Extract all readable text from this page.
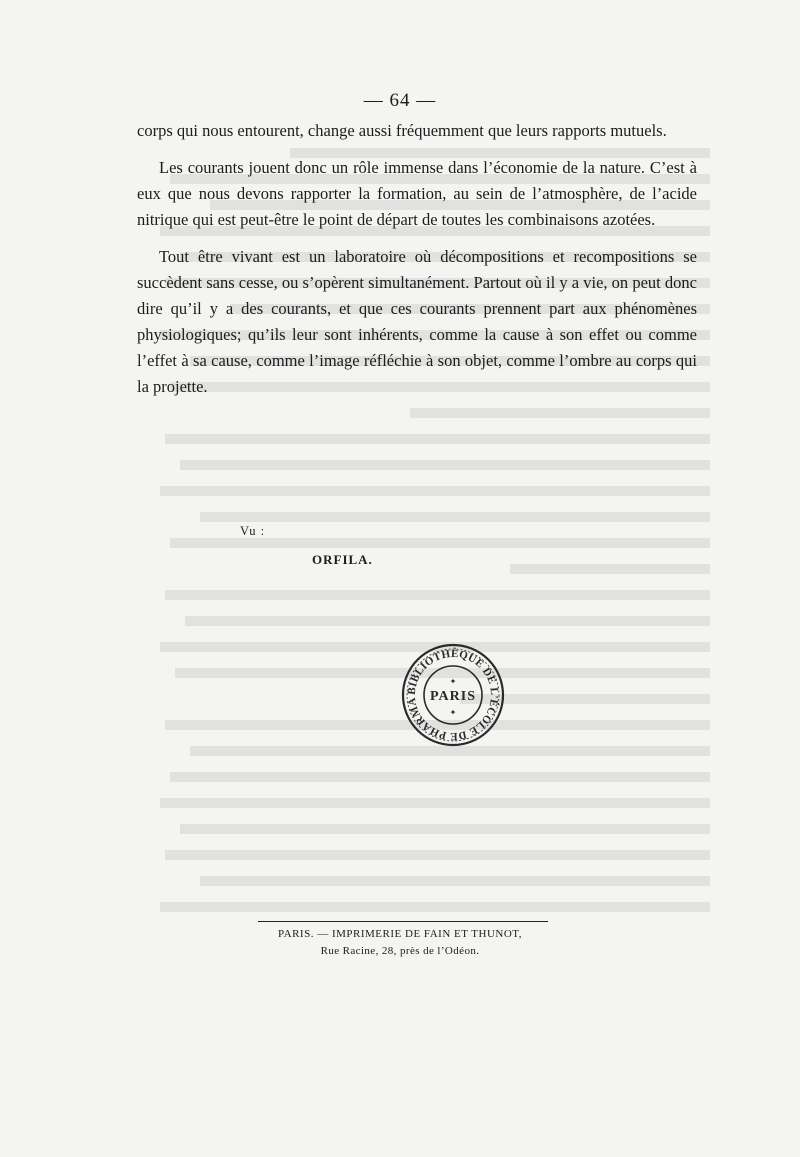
— 64 —

corps qui nous entourent, change aussi fréquemment que leurs rapports mutuels.

Les courants jouent donc un rôle immense dans l’économie de la nature. C’est à eux que nous devons rapporter la formation, au sein de l’atmosphère, de l’acide nitrique qui est peut-être le point de départ de toutes les combinaisons azotées.

Tout être vivant est un laboratoire où décompositions et recompositions se succèdent sans cesse, ou s’opèrent simultanément. Partout où il y a vie, on peut donc dire qu’il y a des courants, et que ces courants prennent part aux phénomènes physiologiques; qu’ils leur sont inhérents, comme la cause à son effet ou comme l’effet à sa cause, comme l’image réfléchie à son objet, comme l’ombre au corps qui la projette.

Vu :
ORFILA.
BIBLIOTHÈQUE DE L'ÉCOLE DE PHARMA PARIS
✦
✦
PARIS. — IMPRIMERIE DE FAIN ET THUNOT,
Rue Racine, 28, près de l’Odéon.
